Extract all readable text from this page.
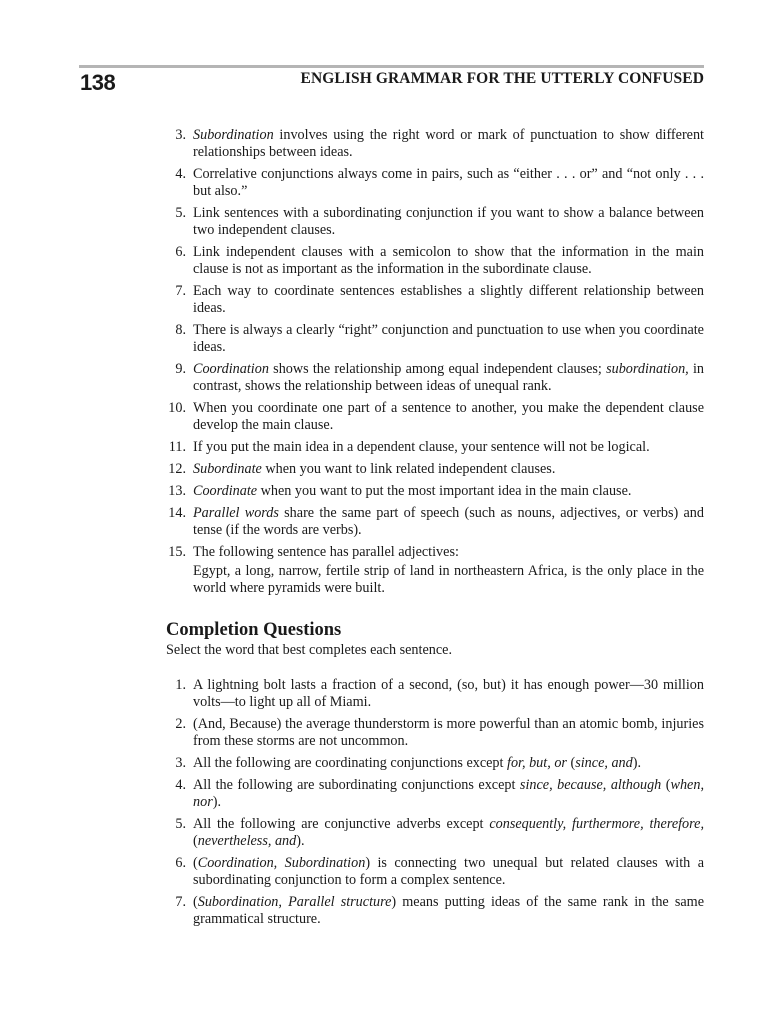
138	ENGLISH GRAMMAR FOR THE UTTERLY CONFUSED
3. Subordination involves using the right word or mark of punctuation to show different relationships between ideas.
4. Correlative conjunctions always come in pairs, such as “either . . . or” and “not only . . . but also.”
5. Link sentences with a subordinating conjunction if you want to show a balance between two independent clauses.
6. Link independent clauses with a semicolon to show that the information in the main clause is not as important as the information in the subordinate clause.
7. Each way to coordinate sentences establishes a slightly different relationship between ideas.
8. There is always a clearly “right” conjunction and punctuation to use when you coordinate ideas.
9. Coordination shows the relationship among equal independent clauses; subordination, in contrast, shows the relationship between ideas of unequal rank.
10. When you coordinate one part of a sentence to another, you make the dependent clause develop the main clause.
11. If you put the main idea in a dependent clause, your sentence will not be logical.
12. Subordinate when you want to link related independent clauses.
13. Coordinate when you want to put the most important idea in the main clause.
14. Parallel words share the same part of speech (such as nouns, adjectives, or verbs) and tense (if the words are verbs).
15. The following sentence has parallel adjectives:
Egypt, a long, narrow, fertile strip of land in northeastern Africa, is the only place in the world where pyramids were built.
Completion Questions

Select the word that best completes each sentence.

1. A lightning bolt lasts a fraction of a second, (so, but) it has enough power—30 million volts—to light up all of Miami.
2. (And, Because) the average thunderstorm is more powerful than an atomic bomb, injuries from these storms are not uncommon.
3. All the following are coordinating conjunctions except for, but, or (since, and).
4. All the following are subordinating conjunctions except since, because, although (when, nor).
5. All the following are conjunctive adverbs except consequently, furthermore, therefore, (nevertheless, and).
6. (Coordination, Subordination) is connecting two unequal but related clauses with a subordinating conjunction to form a complex sentence.
7. (Subordination, Parallel structure) means putting ideas of the same rank in the same grammatical structure.
